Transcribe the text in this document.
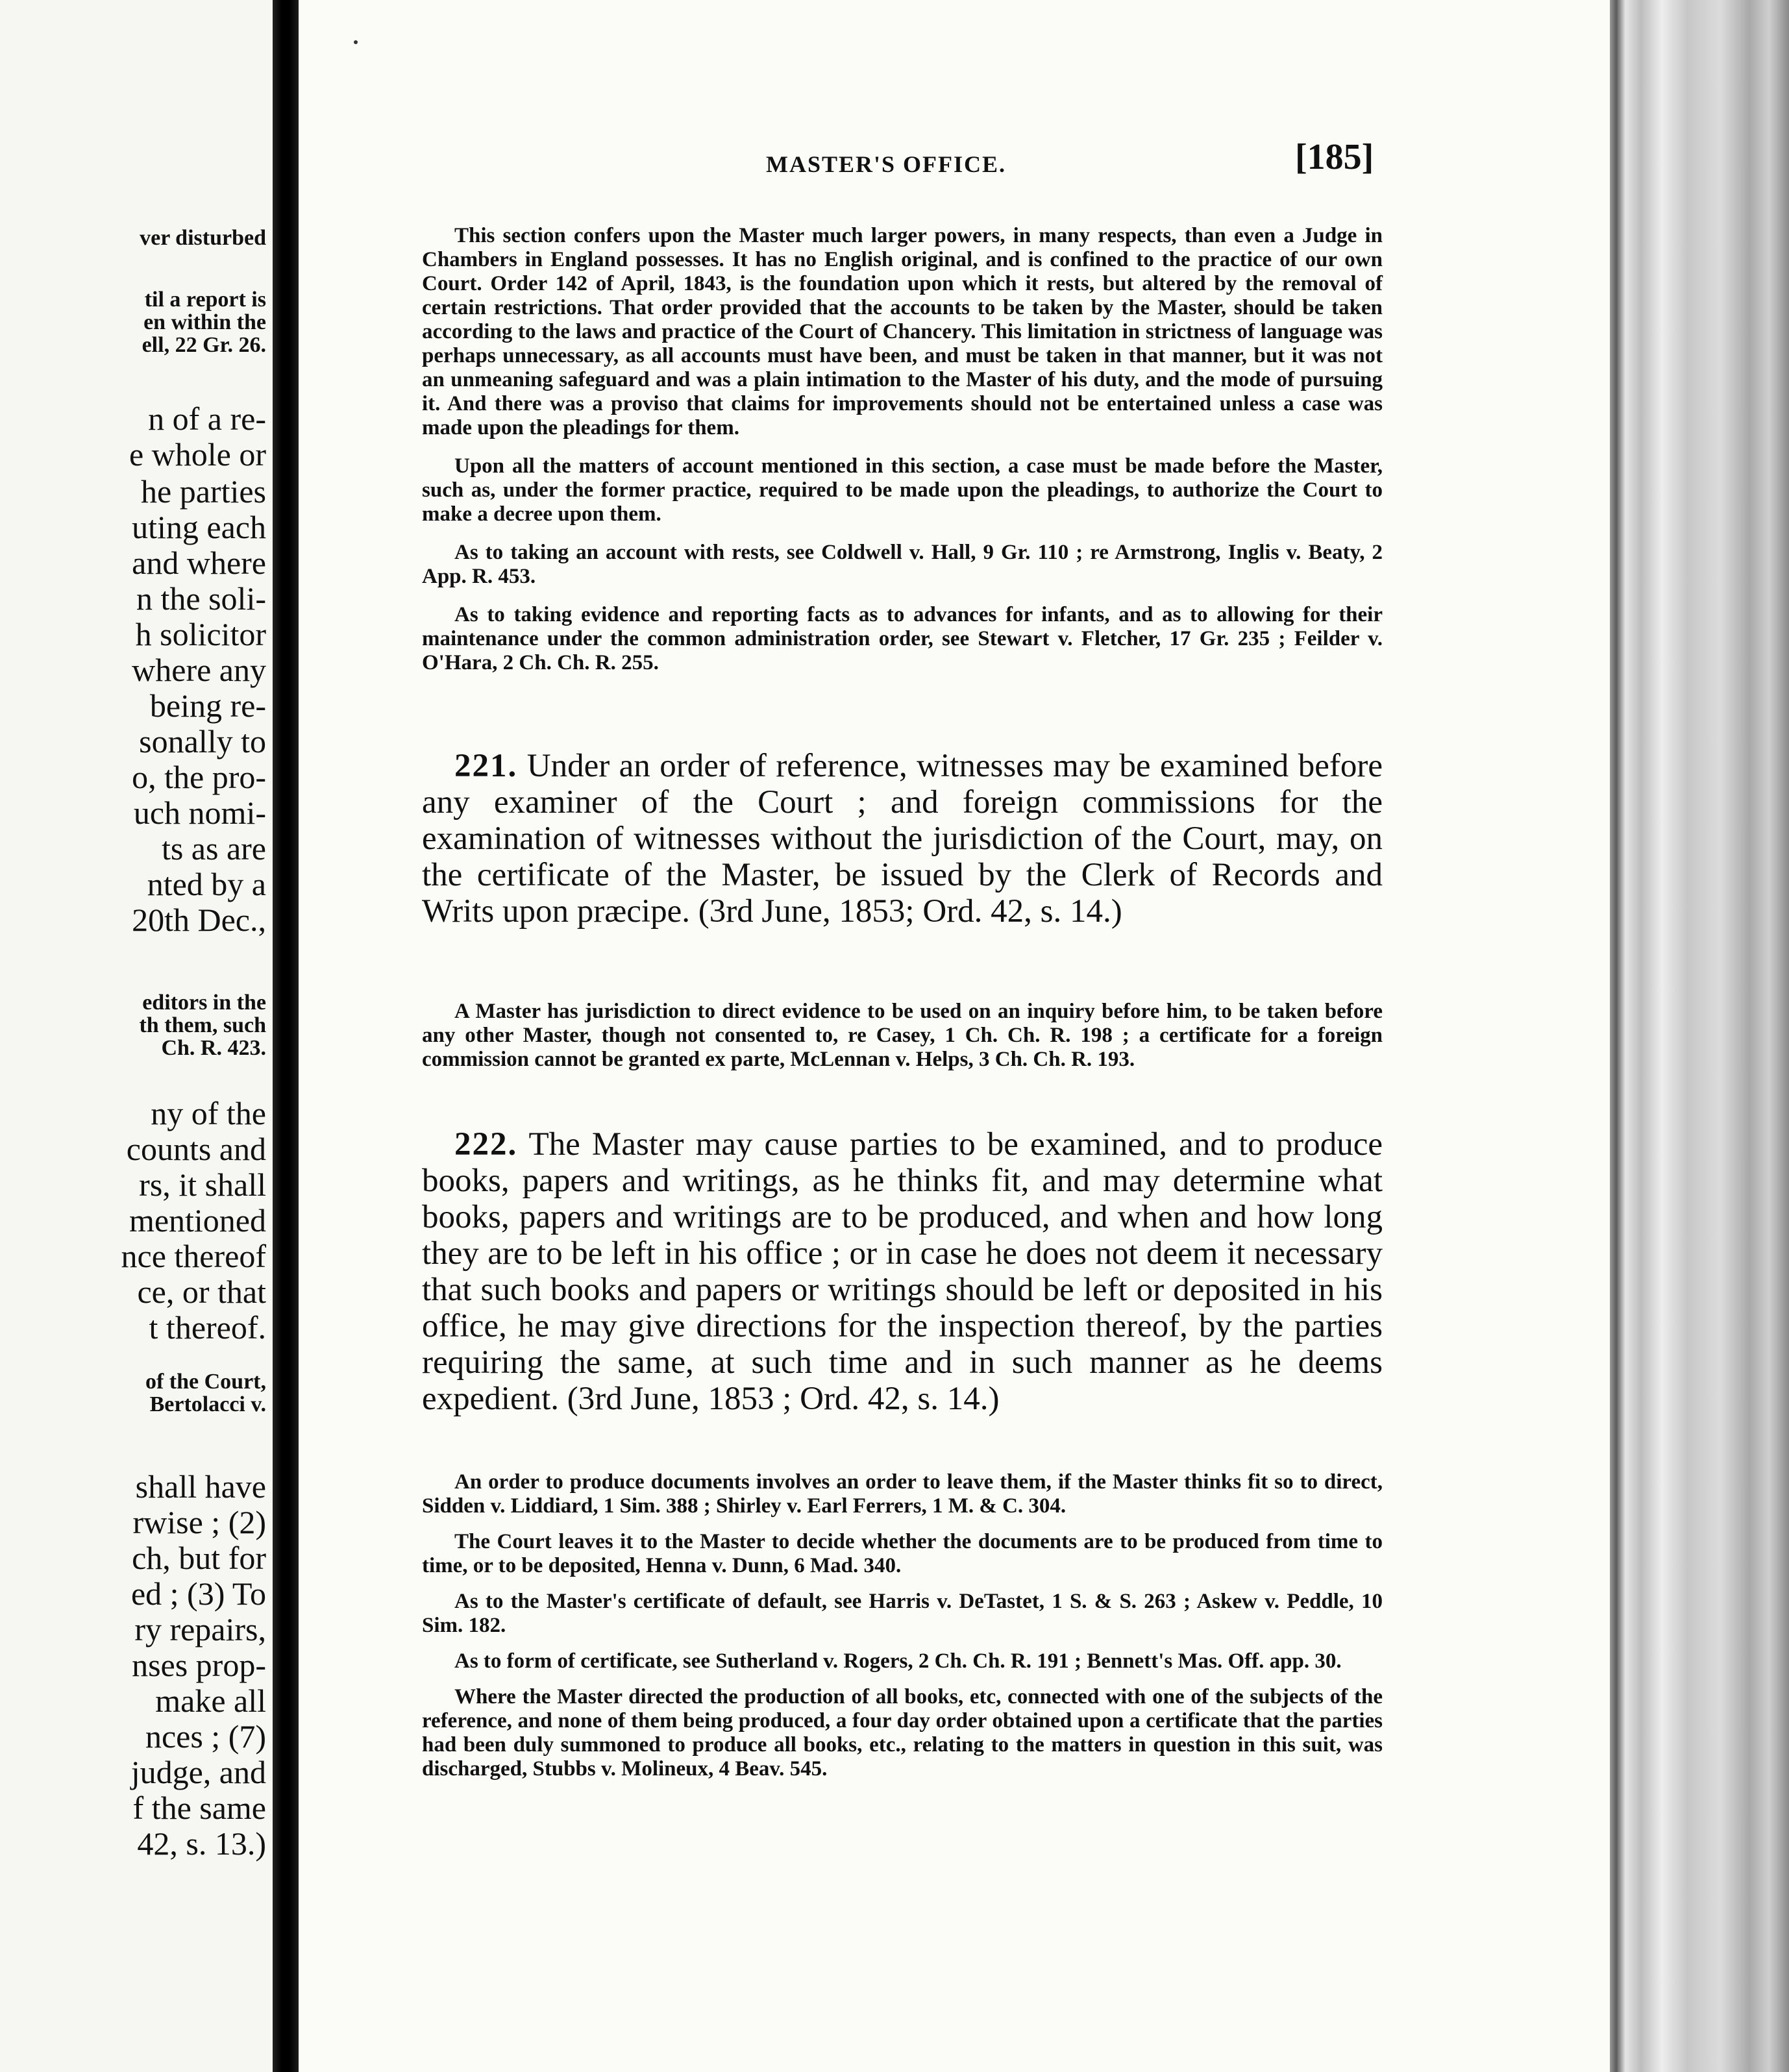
ver disturbed
til a report is
en within the
ell, 22 Gr. 26.
n of a re-
e whole or
he parties
uting each
and where
n the soli-
h solicitor
where any
being re-
sonally to
o, the pro-
uch nomi-
ts as are
nted by a
20th Dec.,
editors in the
th them, such
Ch. R. 423.
ny of the
counts and
rs, it shall
mentioned
nce thereof
ce, or that
t thereof.
of the Court,
Bertolacci v.
shall have
rwise ; (2)
ch, but for
ed ; (3) To
ry repairs,
nses prop-
make all
nces ; (7)
judge, and
f the same
42, s. 13.)
MASTER'S OFFICE.	[185]

This section confers upon the Master much larger powers, in many respects, than even a Judge in Chambers in England possesses. It has no English original, and is confined to the practice of our own Court. Order 142 of April, 1843, is the foundation upon which it rests, but altered by the removal of certain restrictions. That order provided that the accounts to be taken by the Master, should be taken according to the laws and practice of the Court of Chancery. This limitation in strictness of language was perhaps unnecessary, as all accounts must have been, and must be taken in that manner, but it was not an unmeaning safeguard and was a plain intimation to the Master of his duty, and the mode of pursuing it. And there was a proviso that claims for improvements should not be entertained unless a case was made upon the pleadings for them.

Upon all the matters of account mentioned in this section, a case must be made before the Master, such as, under the former practice, required to be made upon the pleadings, to authorize the Court to make a decree upon them.

As to taking an account with rests, see Coldwell v. Hall, 9 Gr. 110 ; re Armstrong, Inglis v. Beaty, 2 App. R. 453.

As to taking evidence and reporting facts as to advances for infants, and as to allowing for their maintenance under the common administration order, see Stewart v. Fletcher, 17 Gr. 235 ; Feilder v. O'Hara, 2 Ch. Ch. R. 255.

221. Under an order of reference, witnesses may be examined before any examiner of the Court ; and foreign commissions for the examination of witnesses without the jurisdiction of the Court, may, on the certificate of the Master, be issued by the Clerk of Records and Writs upon præcipe. (3rd June, 1853; Ord. 42, s. 14.)

A Master has jurisdiction to direct evidence to be used on an inquiry before him, to be taken before any other Master, though not consented to, re Casey, 1 Ch. Ch. R. 198 ; a certificate for a foreign commission cannot be granted ex parte, McLennan v. Helps, 3 Ch. Ch. R. 193.

222. The Master may cause parties to be examined, and to produce books, papers and writings, as he thinks fit, and may determine what books, papers and writings are to be produced, and when and how long they are to be left in his office ; or in case he does not deem it necessary that such books and papers or writings should be left or deposited in his office, he may give directions for the inspection thereof, by the parties requiring the same, at such time and in such manner as he deems expedient. (3rd June, 1853 ; Ord. 42, s. 14.)

An order to produce documents involves an order to leave them, if the Master thinks fit so to direct, Sidden v. Liddiard, 1 Sim. 388 ; Shirley v. Earl Ferrers, 1 M. & C. 304.

The Court leaves it to the Master to decide whether the documents are to be produced from time to time, or to be deposited, Henna v. Dunn, 6 Mad. 340.

As to the Master's certificate of default, see Harris v. DeTastet, 1 S. & S. 263 ; Askew v. Peddle, 10 Sim. 182.

As to form of certificate, see Sutherland v. Rogers, 2 Ch. Ch. R. 191 ; Bennett's Mas. Off. app. 30.

Where the Master directed the production of all books, etc, connected with one of the subjects of the reference, and none of them being produced, a four day order obtained upon a certificate that the parties had been duly summoned to produce all books, etc., relating to the matters in question in this suit, was discharged, Stubbs v. Molineux, 4 Beav. 545.
